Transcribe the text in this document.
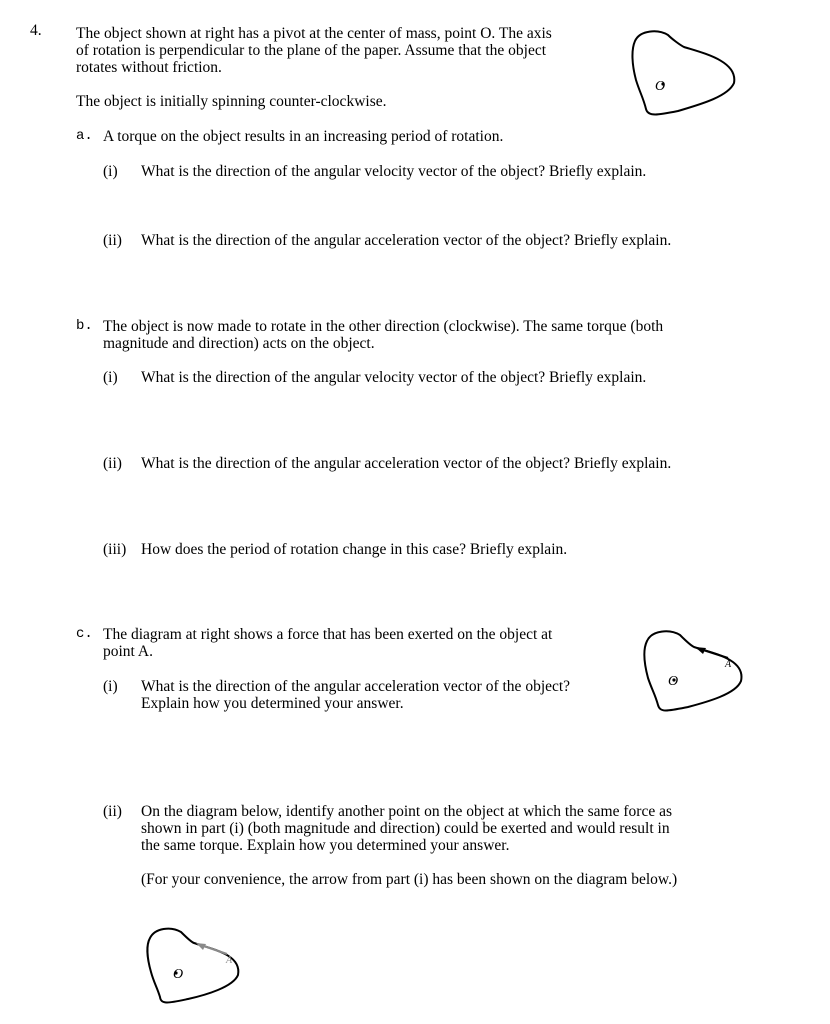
4. The object shown at right has a pivot at the center of mass, point O. The axis

of rotation is perpendicular to the plane of the paper. Assume that the object

rotates without friction.

The object is initially spinning counter-clockwise.

O

a. A torque on the object results in an increasing period of rotation.

(i) What is the direction of the angular velocity vector of the object? Briefly explain.

(ii) What is the direction of the angular acceleration vector of the object? Briefly explain.

b. The object is now made to rotate in the other direction (clockwise). The same torque (both

magnitude and direction) acts on the object.

(i) What is the direction of the angular velocity vector of the object? Briefly explain.

(ii) What is the direction of the angular acceleration vector of the object? Briefly explain.

(iii) How does the period of rotation change in this case? Briefly explain.

c. The diagram at right shows a force that has been exerted on the object at

point A.

(i) What is the direction of the angular acceleration vector of the object?

Explain how you determined your answer.

A
O

(ii) On the diagram below, identify another point on the object at which the same force as

shown in part (i) (both magnitude and direction) could be exerted and would result in

the same torque. Explain how you determined your answer.

(For your convenience, the arrow from part (i) has been shown on the diagram below.)

A
O
